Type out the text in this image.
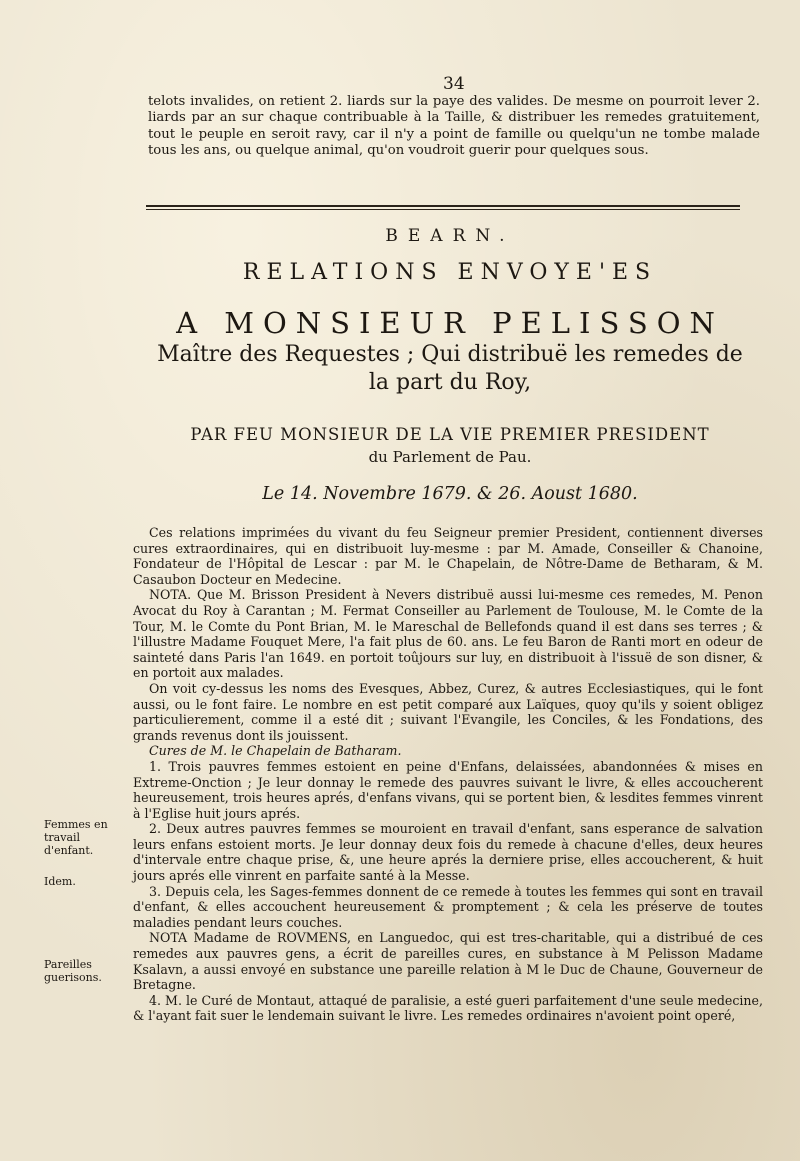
34
telots invalides, on retient 2. liards sur la paye des valides. De mesme on pourroit lever 2. liards par an sur chaque contribuable à la Taille, & distribuer les remedes gratuitement, tout le peuple en seroit ravy, car il n'y a point de famille ou quelqu'un ne tombe malade tous les ans, ou quelque animal, qu'on voudroit guerir pour quelques sous.
BEARN.
RELATIONS ENVOYE'ES
A MONSIEUR PELISSON
Maître des Requestes ; Qui distribuë les remedes de
la part du Roy,
PAR FEU MONSIEUR DE LA VIE PREMIER PRESIDENT
du Parlement de Pau.
Le 14. Novembre 1679. & 26. Aoust 1680.

Ces relations imprimées du vivant du feu Seigneur premier President, contiennent diverses cures extraordinaires, qui en distribuoit luy-mesme : par M. Amade, Conseiller & Chanoine, Fondateur de l'Hôpital de Lescar : par M. le Chapelain, de Nôtre-Dame de Betharam, & M. Casaubon Docteur en Medecine.

NOTA. Que M. Brisson President à Nevers distribuë aussi lui-mesme ces remedes, M. Penon Avocat du Roy à Carantan ; M. Fermat Conseiller au Parlement de Toulouse, M. le Comte de la Tour, M. le Comte du Pont Brian, M. le Mareschal de Bellefonds quand il est dans ses terres ; & l'illustre Madame Fouquet Mere, l'a fait plus de 60. ans. Le feu Baron de Ranti mort en odeur de sainteté dans Paris l'an 1649. en portoit toûjours sur luy, en distribuoit à l'issuë de son disner, & en portoit aux malades.

On voit cy-dessus les noms des Evesques, Abbez, Curez, & autres Ecclesiastiques, qui le font aussi, ou le font faire. Le nombre en est petit comparé aux Laïques, quoy qu'ils y soient obligez particulierement, comme il a esté dit ; suivant l'Evangile, les Conciles, & les Fondations, des grands revenus dont ils jouissent.

Cures de M. le Chapelain de Batharam.

1. Trois pauvres femmes estoient en peine d'Enfans, delaissées, abandonnées & mises en Extreme-Onction ; Je leur donnay le remede des pauvres suivant le livre, & elles accoucherent heureusement, trois heures aprés, d'enfans vivans, qui se portent bien, & lesdites femmes vinrent à l'Eglise huit jours aprés.

2. Deux autres pauvres femmes se mouroient en travail d'enfant, sans esperance de salvation leurs enfans estoient morts. Je leur donnay deux fois du remede à chacune d'elles, deux heures d'intervale entre chaque prise, &, une heure aprés la derniere prise, elles accoucherent, & huit jours aprés elle vinrent en parfaite santé à la Messe.

3. Depuis cela, les Sages-femmes donnent de ce remede à toutes les femmes qui sont en travail d'enfant, & elles accouchent heureusement & promptement ; & cela les préserve de toutes maladies pendant leurs couches.

NOTA Madame de ROVMENS, en Languedoc, qui est tres-charitable, qui a distribué de ces remedes aux pauvres gens, a écrit de pareilles cures, en substance à M Pelisson Madame Ksalavn, a aussi envoyé en substance une pareille relation à M le Duc de Chaune, Gouverneur de Bretagne.

4. M. le Curé de Montaut, attaqué de paralisie, a esté gueri parfaitement d'une seule medecine, & l'ayant fait suer le lendemain suivant le livre. Les remedes ordinaires n'avoient point operé,

Femmes en travail d'enfant.
Idem.
Pareilles guerisons.
